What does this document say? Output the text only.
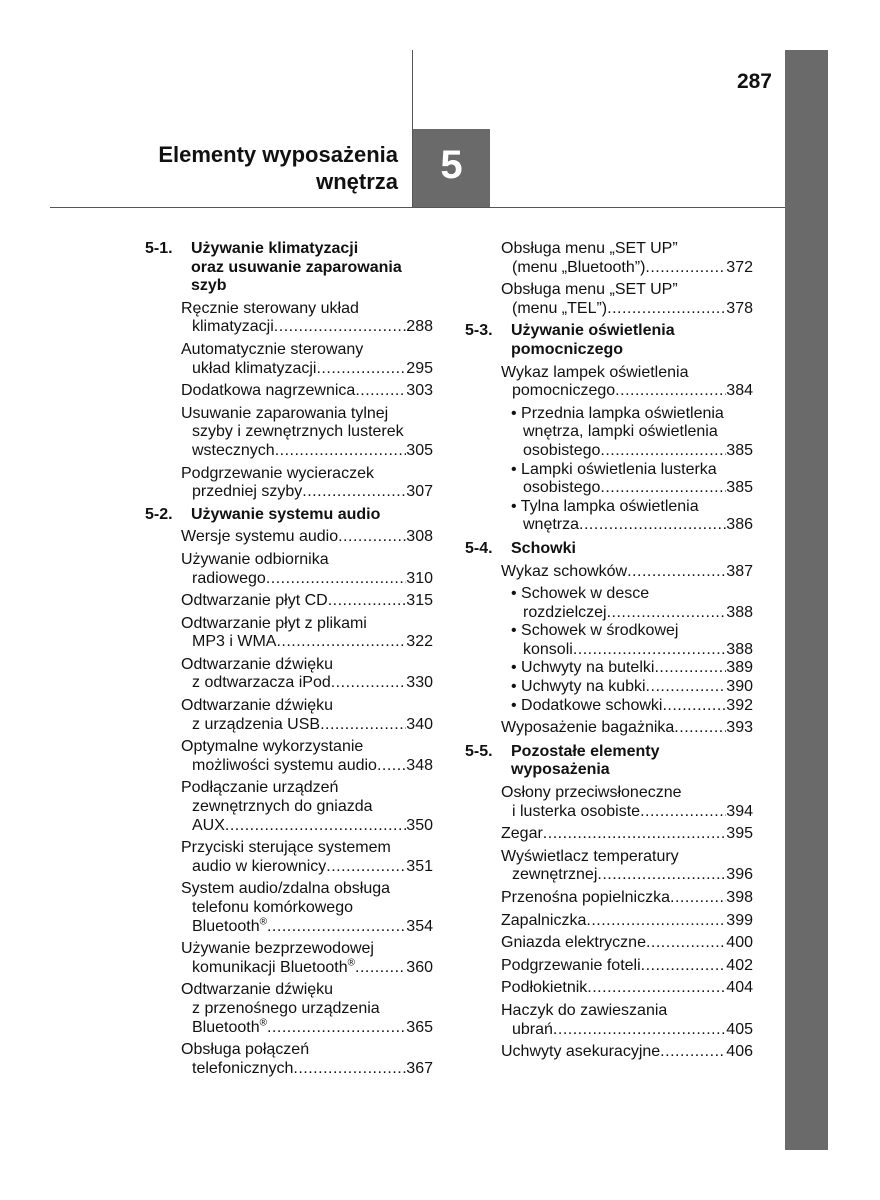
287
Elementy wyposażenia
wnętrza	5
5-1.	Używanie klimatyzacji
oraz usuwanie zaparowania
szyb
Ręcznie sterowany układ
klimatyzacji .....	288
Automatycznie sterowany
układ klimatyzacji .....	295
Dodatkowa nagrzewnica .....	303
Usuwanie zaparowania tylnej
szyby i zewnętrznych lusterek
wstecznych .....	305
Podgrzewanie wycieraczek
przedniej szyby .....	307
5-2.	Używanie systemu audio
Wersje systemu audio .....	308
Używanie odbiornika
radiowego .....	310
Odtwarzanie płyt CD .....	315
Odtwarzanie płyt z plikami
MP3 i WMA .....	322
Odtwarzanie dźwięku
z odtwarzacza iPod .....	330
Odtwarzanie dźwięku
z urządzenia USB .....	340
Optymalne wykorzystanie
możliwości systemu audio ..... 348
Podłączanie urządzeń
zewnętrznych do gniazda
AUX .....	350
Przyciski sterujące systemem
audio w kierownicy .....	351
System audio/zdalna obsługa
telefonu komórkowego
Bluetooth® .....	354
Używanie bezprzewodowej
komunikacji Bluetooth® .....	360
Odtwarzanie dźwięku
z przenośnego urządzenia
Bluetooth® .....	365
Obsługa połączeń
telefonicznych .....	367
Obsługa menu „SET UP”
(menu „Bluetooth”) .....	372
Obsługa menu „SET UP”
(menu „TEL”) .....	378
5-3.	Używanie oświetlenia
pomocniczego
Wykaz lampek oświetlenia
pomocniczego .....	384
• Przednia lampka oświetlenia
wnętrza, lampki oświetlenia
osobistego .....	385
• Lampki oświetlenia lusterka
osobistego .....	385
• Tylna lampka oświetlenia
wnętrza .....	386
5-4.	Schowki
Wykaz schowków .....	387
• Schowek w desce
rozdzielczej .....	388
• Schowek w środkowej
konsoli .....	388
• Uchwyty na butelki .....	389
• Uchwyty na kubki .....	390
• Dodatkowe schowki .....	392
Wyposażenie bagażnika .....	393
5-5.	Pozostałe elementy
wyposażenia
Osłony przeciwsłoneczne
i lusterka osobiste .....	394
Zegar .....	395
Wyświetlacz temperatury
zewnętrznej .....	396
Przenośna popielniczka .....	398
Zapalniczka .....	399
Gniazda elektryczne .....	400
Podgrzewanie foteli .....	402
Podłokietnik .....	404
Haczyk do zawieszania
ubrań .....	405
Uchwyty asekuracyjne .....	406
